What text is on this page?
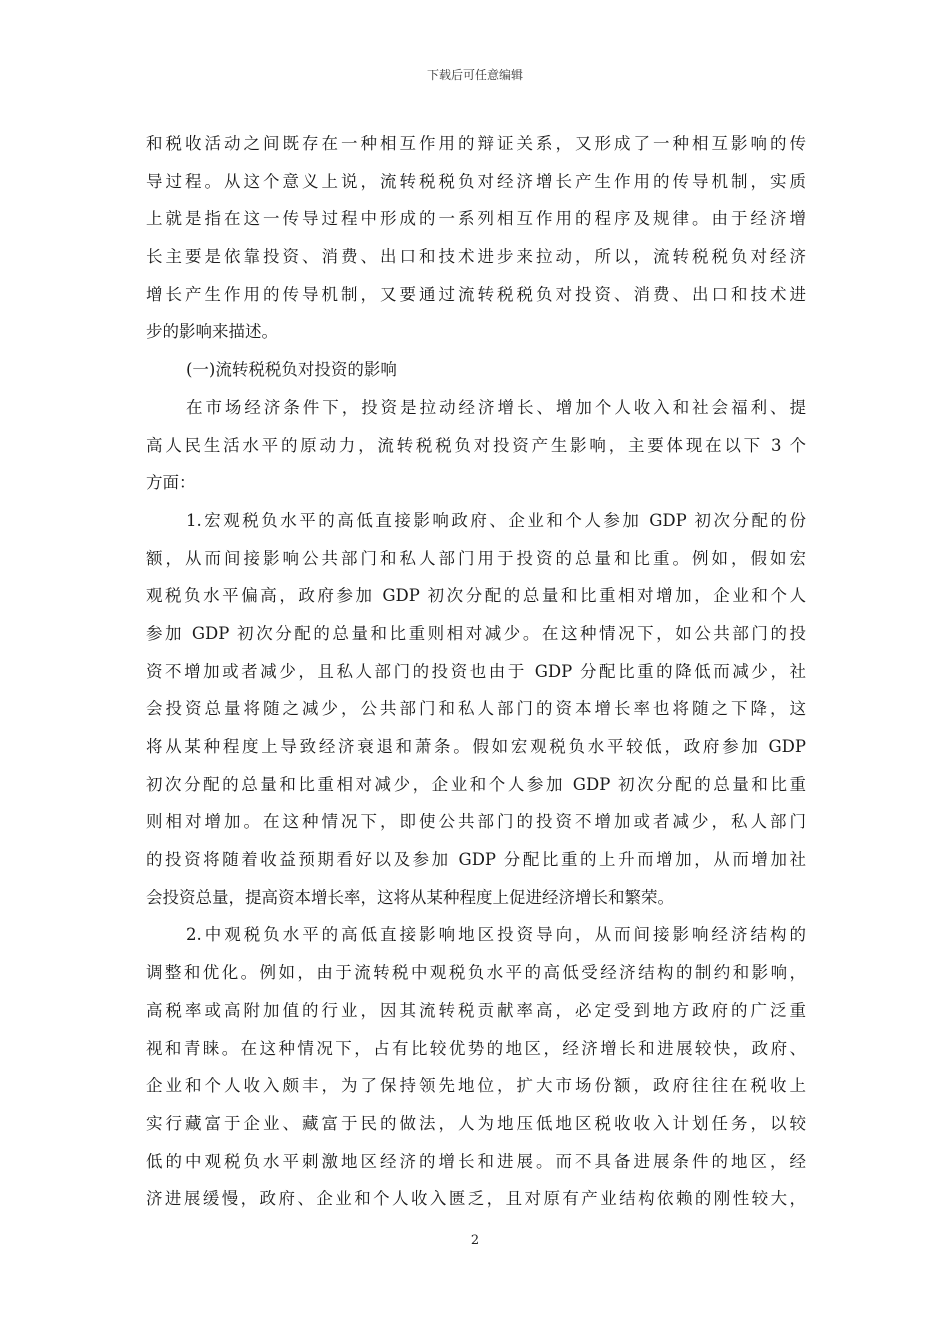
下载后可任意编辑
和税收活动之间既存在一种相互作用的辩证关系，又形成了一种相互影响的传
导过程。从这个意义上说，流转税税负对经济增长产生作用的传导机制，实质
上就是指在这一传导过程中形成的一系列相互作用的程序及规律。由于经济增
长主要是依靠投资、消费、出口和技术进步来拉动，所以，流转税税负对经济
增长产生作用的传导机制，又要通过流转税税负对投资、消费、出口和技术进
步的影响来描述。
(一)流转税税负对投资的影响
在市场经济条件下，投资是拉动经济增长、增加个人收入和社会福利、提
高人民生活水平的原动力，流转税税负对投资产生影响，主要体现在以下 3 个
方面：
1.宏观税负水平的高低直接影响政府、企业和个人参加 GDP 初次分配的份
额，从而间接影响公共部门和私人部门用于投资的总量和比重。例如，假如宏
观税负水平偏高，政府参加 GDP 初次分配的总量和比重相对增加，企业和个人
参加 GDP 初次分配的总量和比重则相对减少。在这种情况下，如公共部门的投
资不增加或者减少，且私人部门的投资也由于 GDP 分配比重的降低而减少，社
会投资总量将随之减少，公共部门和私人部门的资本增长率也将随之下降，这
将从某种程度上导致经济衰退和萧条。假如宏观税负水平较低，政府参加 GDP
初次分配的总量和比重相对减少，企业和个人参加 GDP 初次分配的总量和比重
则相对增加。在这种情况下，即使公共部门的投资不增加或者减少，私人部门
的投资将随着收益预期看好以及参加 GDP 分配比重的上升而增加，从而增加社
会投资总量，提高资本增长率，这将从某种程度上促进经济增长和繁荣。
2.中观税负水平的高低直接影响地区投资导向，从而间接影响经济结构的
调整和优化。例如，由于流转税中观税负水平的高低受经济结构的制约和影响，
高税率或高附加值的行业，因其流转税贡献率高，必定受到地方政府的广泛重
视和青睐。在这种情况下，占有比较优势的地区，经济增长和进展较快，政府、
企业和个人收入颇丰，为了保持领先地位，扩大市场份额，政府往往在税收上
实行藏富于企业、藏富于民的做法，人为地压低地区税收收入计划任务，以较
低的中观税负水平刺激地区经济的增长和进展。而不具备进展条件的地区，经
济进展缓慢，政府、企业和个人收入匮乏，且对原有产业结构依赖的刚性较大，
2
